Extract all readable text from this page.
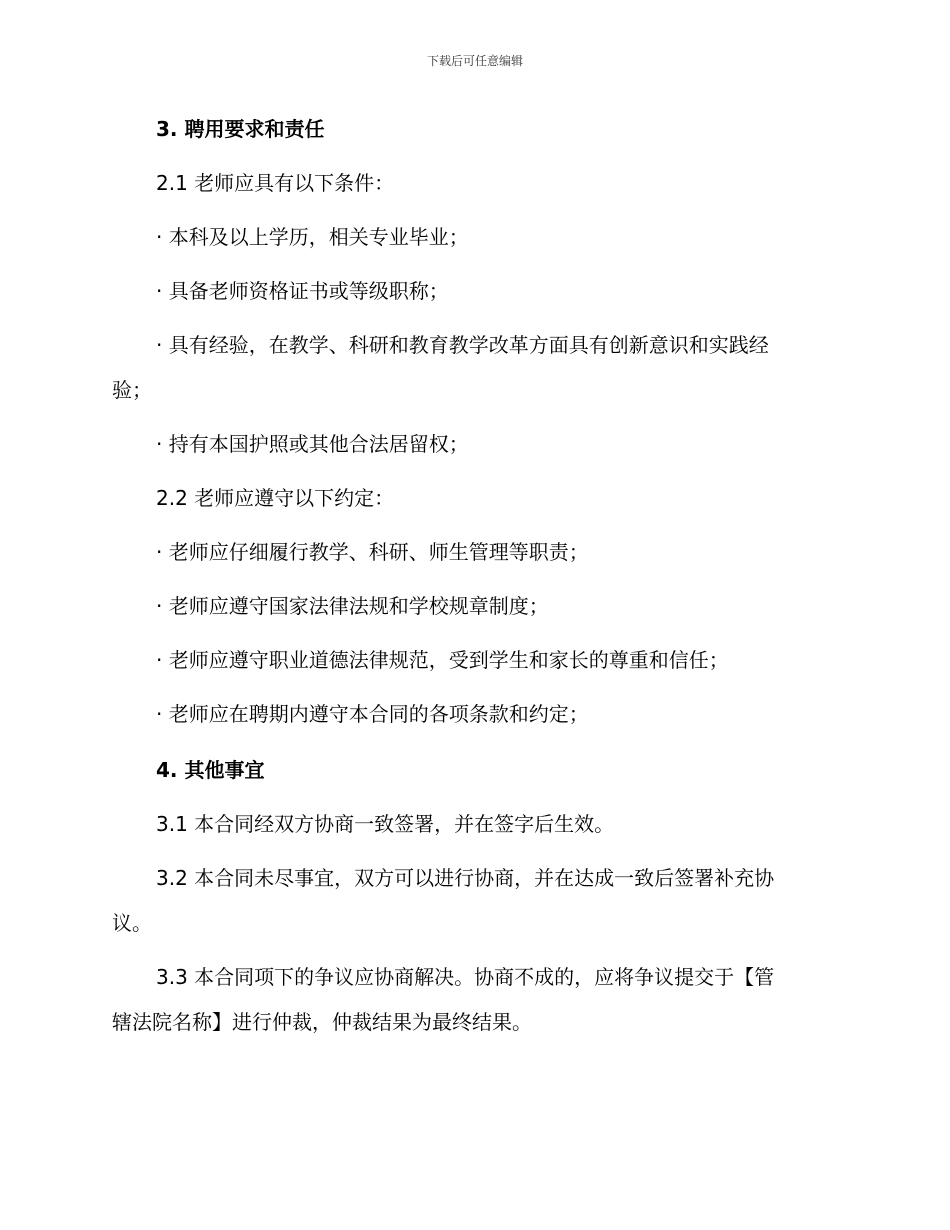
下载后可任意编辑
3. 聘用要求和责任
2.1 老师应具有以下条件：
· 本科及以上学历，相关专业毕业；
· 具备老师资格证书或等级职称；
· 具有经验，在教学、科研和教育教学改革方面具有创新意识和实践经
验；
· 持有本国护照或其他合法居留权；
2.2 老师应遵守以下约定：
· 老师应仔细履行教学、科研、师生管理等职责；
· 老师应遵守国家法律法规和学校规章制度；
· 老师应遵守职业道德法律规范，受到学生和家长的尊重和信任；
· 老师应在聘期内遵守本合同的各项条款和约定；
4. 其他事宜
3.1 本合同经双方协商一致签署，并在签字后生效。
3.2 本合同未尽事宜，双方可以进行协商，并在达成一致后签署补充协
议。
3.3 本合同项下的争议应协商解决。协商不成的，应将争议提交于【管
辖法院名称】进行仲裁，仲裁结果为最终结果。
